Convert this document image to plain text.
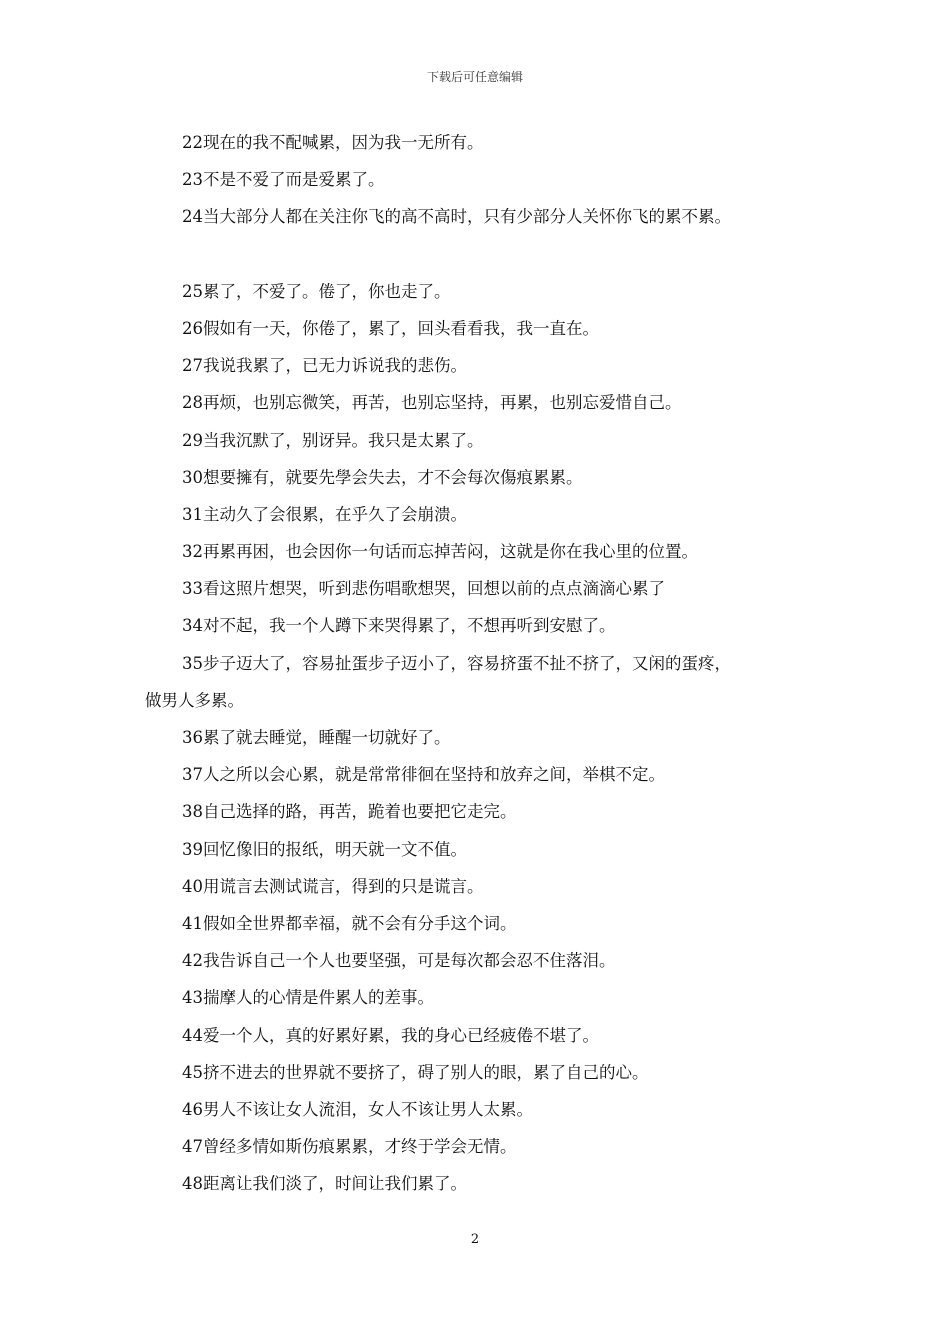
下载后可任意编辑
22现在的我不配喊累，因为我一无所有。
23不是不爱了而是爱累了。
24当大部分人都在关注你飞的高不高时，只有少部分人关怀你飞的累不累。
25累了，不爱了。倦了，你也走了。
26假如有一天，你倦了，累了，回头看看我，我一直在。
27我说我累了，已无力诉说我的悲伤。
28再烦，也别忘微笑，再苦，也别忘坚持，再累，也别忘爱惜自己。
29当我沉默了，别讶异。我只是太累了。
30想要擁有，就要先學会失去，才不会每次傷痕累累。
31主动久了会很累，在乎久了会崩溃。
32再累再困，也会因你一句话而忘掉苦闷，这就是你在我心里的位置。
33看这照片想哭，听到悲伤唱歌想哭，回想以前的点点滴滴心累了
34对不起，我一个人蹲下来哭得累了，不想再听到安慰了。
35步子迈大了，容易扯蛋步子迈小了，容易挤蛋不扯不挤了，又闲的蛋疼，
做男人多累。
36累了就去睡觉，睡醒一切就好了。
37人之所以会心累，就是常常徘徊在坚持和放弃之间，举棋不定。
38自己选择的路，再苦，跪着也要把它走完。
39回忆像旧的报纸，明天就一文不值。
40用谎言去测试谎言，得到的只是谎言。
41假如全世界都幸福，就不会有分手这个词。
42我告诉自己一个人也要坚强，可是每次都会忍不住落泪。
43揣摩人的心情是件累人的差事。
44爱一个人，真的好累好累，我的身心已经疲倦不堪了。
45挤不进去的世界就不要挤了，碍了别人的眼，累了自己的心。
46男人不该让女人流泪，女人不该让男人太累。
47曾经多情如斯伤痕累累，才终于学会无情。
48距离让我们淡了，时间让我们累了。
2
